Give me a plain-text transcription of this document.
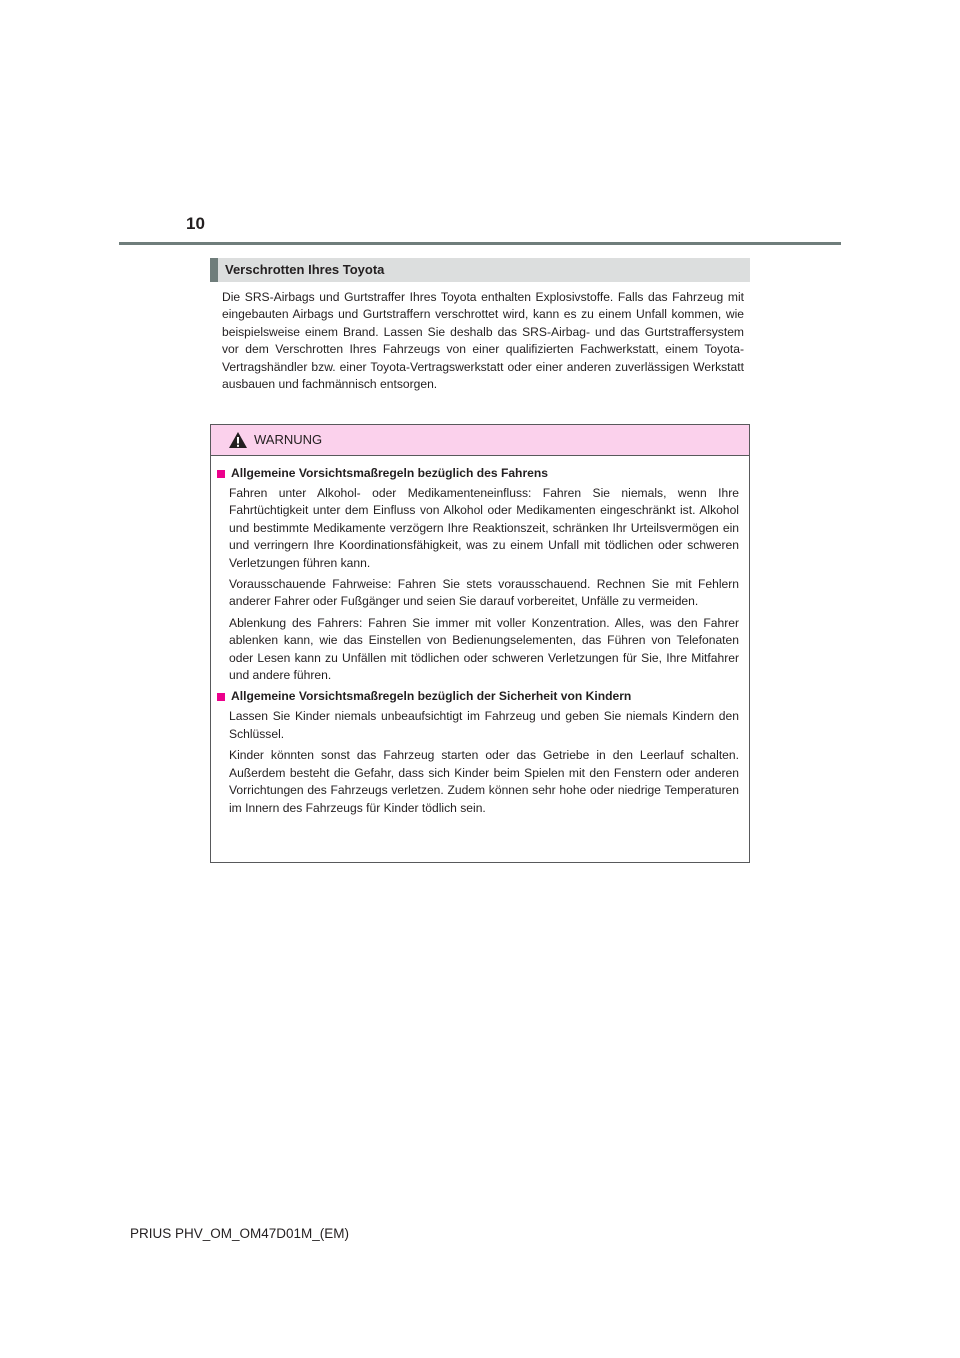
10
Verschrotten Ihres Toyota

Die SRS-Airbags und Gurtstraffer Ihres Toyota enthalten Explosivstoffe. Falls das Fahrzeug mit eingebauten Airbags und Gurtstraffern verschrottet wird, kann es zu einem Unfall kommen, wie beispielsweise einem Brand. Lassen Sie deshalb das SRS-Airbag- und das Gurtstraffersystem vor dem Verschrotten Ihres Fahrzeugs von einer qualifizierten Fachwerkstatt, einem Toyota-Vertragshändler bzw. einer Toyota-Vertragswerkstatt oder einer anderen zuverlässigen Werkstatt ausbauen und fachmännisch entsorgen.

WARNUNG
Allgemeine Vorsichtsmaßregeln bezüglich des Fahrens

Fahren unter Alkohol- oder Medikamenteneinfluss: Fahren Sie niemals, wenn Ihre Fahrtüchtigkeit unter dem Einfluss von Alkohol oder Medikamenten eingeschränkt ist. Alkohol und bestimmte Medikamente verzögern Ihre Reaktionszeit, schränken Ihr Urteilsvermögen ein und verringern Ihre Koordinationsfähigkeit, was zu einem Unfall mit tödlichen oder schweren Verletzungen führen kann.

Vorausschauende Fahrweise: Fahren Sie stets vorausschauend. Rechnen Sie mit Fehlern anderer Fahrer oder Fußgänger und seien Sie darauf vorbereitet, Unfälle zu vermeiden.

Ablenkung des Fahrers: Fahren Sie immer mit voller Konzentration. Alles, was den Fahrer ablenken kann, wie das Einstellen von Bedienungselementen, das Führen von Telefonaten oder Lesen kann zu Unfällen mit tödlichen oder schweren Verletzungen für Sie, Ihre Mitfahrer und andere führen.

Allgemeine Vorsichtsmaßregeln bezüglich der Sicherheit von Kindern

Lassen Sie Kinder niemals unbeaufsichtigt im Fahrzeug und geben Sie niemals Kindern den Schlüssel.

Kinder könnten sonst das Fahrzeug starten oder das Getriebe in den Leerlauf schalten. Außerdem besteht die Gefahr, dass sich Kinder beim Spielen mit den Fenstern oder anderen Vorrichtungen des Fahrzeugs verletzen. Zudem können sehr hohe oder niedrige Temperaturen im Innern des Fahrzeugs für Kinder tödlich sein.

PRIUS PHV_OM_OM47D01M_(EM)
